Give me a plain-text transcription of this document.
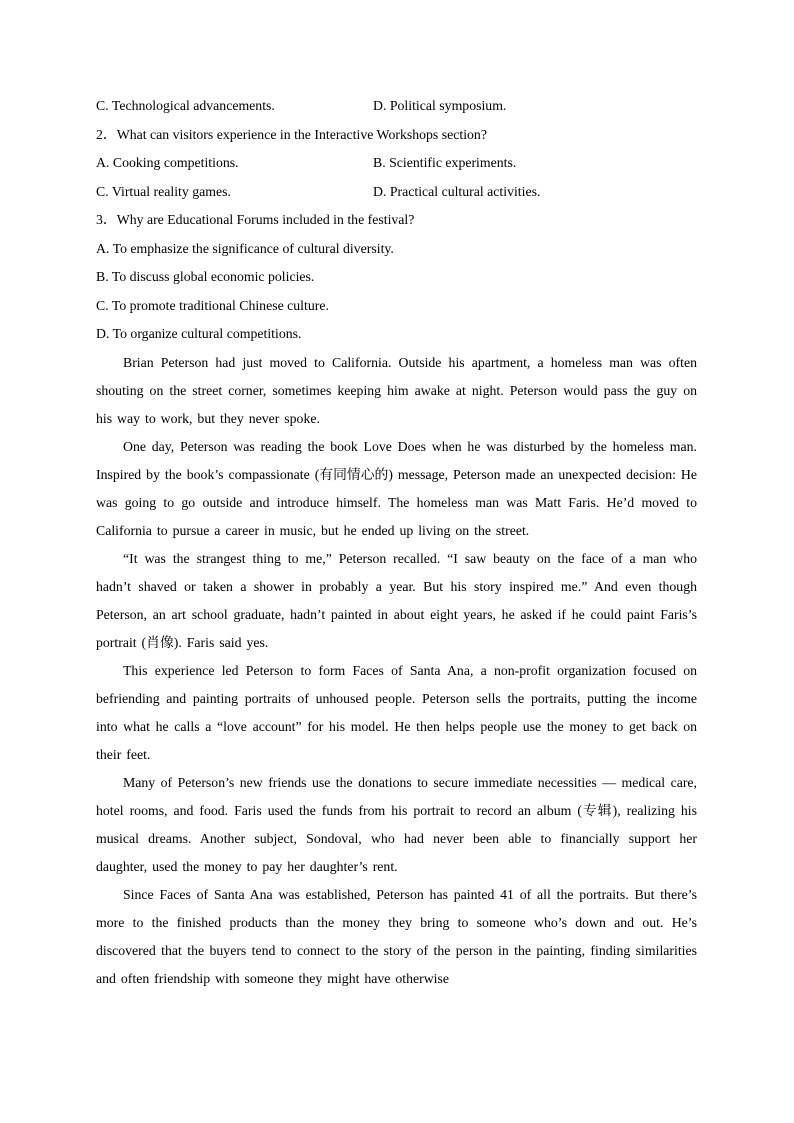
C. Technological advancements.	D. Political symposium.
2．What can visitors experience in the Interactive Workshops section?
A. Cooking competitions.	B. Scientific experiments.
C. Virtual reality games.	D. Practical cultural activities.
3．Why are Educational Forums included in the festival?
A. To emphasize the significance of cultural diversity.
B. To discuss global economic policies.
C. To promote traditional Chinese culture.
D. To organize cultural competitions.

Brian Peterson had just moved to California. Outside his apartment, a homeless man was often shouting on the street corner, sometimes keeping him awake at night. Peterson would pass the guy on his way to work, but they never spoke.

One day, Peterson was reading the book Love Does when he was disturbed by the homeless man. Inspired by the book’s compassionate (有同情心的) message, Peterson made an unexpected decision: He was going to go outside and introduce himself. The homeless man was Matt Faris. He’d moved to California to pursue a career in music, but he ended up living on the street.

“It was the strangest thing to me,” Peterson recalled. “I saw beauty on the face of a man who hadn’t shaved or taken a shower in probably a year. But his story inspired me.” And even though Peterson, an art school graduate, hadn’t painted in about eight years, he asked if he could paint Faris’s portrait (肖像). Faris said yes.

This experience led Peterson to form Faces of Santa Ana, a non-profit organization focused on befriending and painting portraits of unhoused people. Peterson sells the portraits, putting the income into what he calls a “love account” for his model. He then helps people use the money to get back on their feet.

Many of Peterson’s new friends use the donations to secure immediate necessities — medical care, hotel rooms, and food. Faris used the funds from his portrait to record an album (专辑), realizing his musical dreams. Another subject, Sondoval, who had never been able to financially support her daughter, used the money to pay her daughter’s rent.

Since Faces of Santa Ana was established, Peterson has painted 41 of all the portraits. But there’s more to the finished products than the money they bring to someone who’s down and out. He’s discovered that the buyers tend to connect to the story of the person in the painting, finding similarities and often friendship with someone they might have otherwise
